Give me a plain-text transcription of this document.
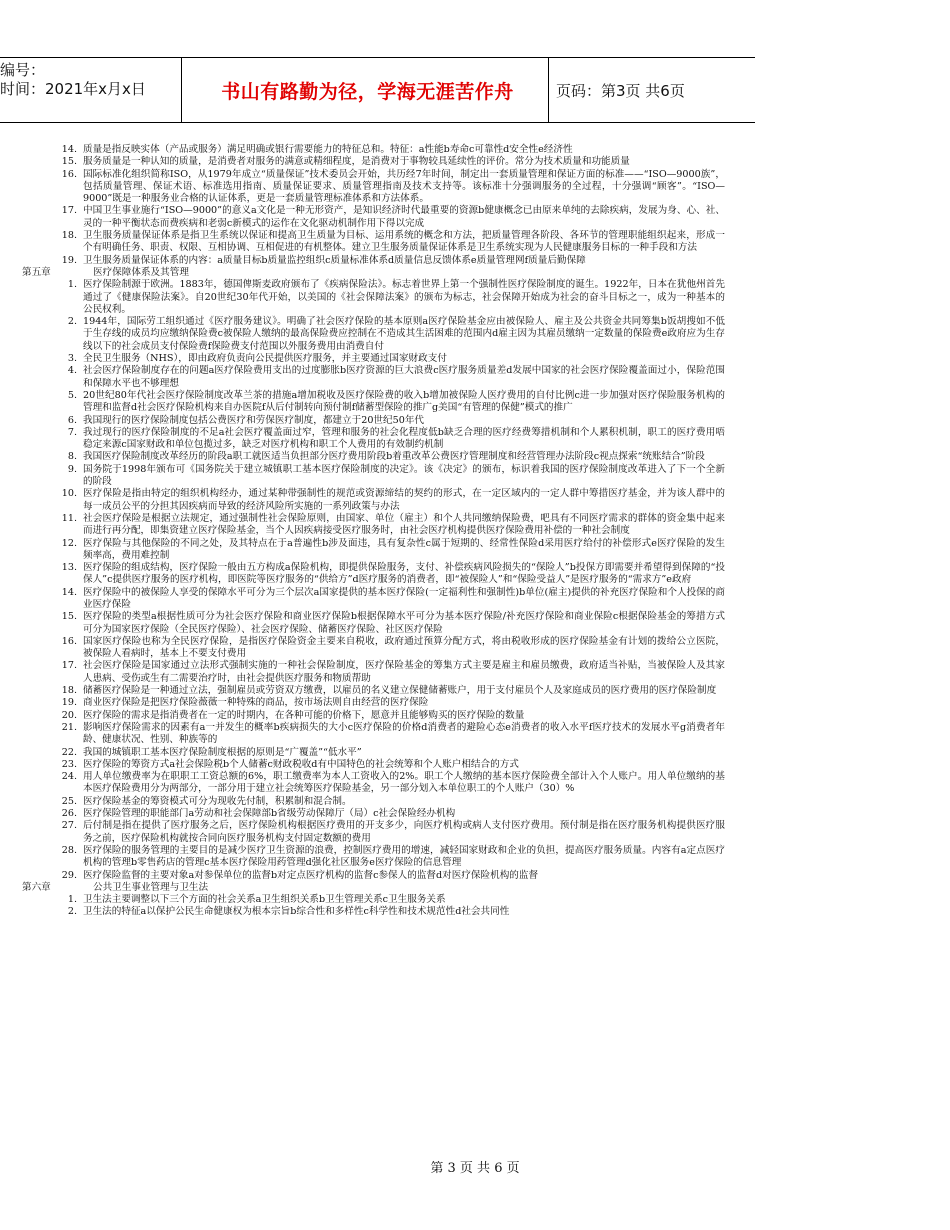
编号：
时间：2021年x月x日	书山有路勤为径，学海无涯苦作舟	页码：第3页 共6页
14. 质量是指反映实体（产品或服务）满足明确或银行需要能力的特征总和。特征：a性能b寿命c可靠性d安全性e经济性
15. 服务质量是一种认知的质量，是消费者对服务的满意或精细程度，是消费对于事物较具延续性的评价。常分为技术质量和功能质量
16. 国际标准化组织简称ISO，从1979年成立“质量保证”技术委员会开始，共历经7年时间，制定出一套质量管理和保证方面的标准——“ISO—9000族”，包括质量管理、保证术语、标准选用指南、质量保证要求、质量管理指南及技术支持等。该标准十分强调服务的全过程，十分强调“顾客”。“ISO—9000”既是一种服务业合格的认证体系，更是一套质量管理标准体系和方法体系。
17. 中国卫生事业施行“ISO—9000”的意义a文化是一种无形资产，是知识经济时代最重要的资源b健康概念已由原来单纯的去除疾病，发展为身、心、社、灵的一种平衡状态而费疾病和老弱c新模式的运作在文化驱动机制作用下得以完成
18. 卫生服务质量保证体系是指卫生系统以保证和提高卫生质量为目标、运用系统的概念和方法，把质量管理各阶段、各环节的管理职能组织起来，形成一个有明确任务、职责、权限、互相协调、互相促进的有机整体。建立卫生服务质量保证体系是卫生系统实现为人民健康服务目标的一种手段和方法
19. 卫生服务质量保证体系的内容：a质量目标b质量监控组织c质量标准体系d质量信息反馈体系e质量管理网f质量后勤保障
第五章	医疗保障体系及其管理
1. 医疗保险制源于欧洲。1883年，德国俾斯麦政府颁布了《疾病保险法》。标志着世界上第一个强制性医疗保险制度的诞生。1922年，日本在犹他州首先通过了《健康保险法案》。自20世纪30年代开始，以美国的《社会保障法案》的颁布为标志，社会保障开始成为社会的奋斗目标之一，成为一种基本的公民权利。
2. 1944年，国际劳工组织通过《医疗服务建议》。明确了社会医疗保险的基本原则a医疗保险基金应由被保险人、雇主及公共资金共同筹集b饭胡搜如不低于生存线的成员均应缴纳保险费c被保险人缴纳的最高保险费应控制在不造成其生活困难的范围内d雇主因为其雇员缴纳一定数量的保险费e政府应为生存线以下的社会成员支付保险费f保险费支付范围以外服务费用由消费自付
3. 全民卫生服务（NHS），即由政府负责向公民提供医疗服务，并主要通过国家财政支付
4. 社会医疗保险制度存在的问题a医疗保险费用支出的过度膨胀b医疗资源的巨大浪费c医疗服务质量差d发展中国家的社会医疗保险覆盖面过小，保险范围和保障水平也不够理想
5. 20世纪80年代社会医疗保险制度改革兰茶的措施a增加税收及医疗保险费的收入b增加被保险人医疗费用的自付比例c进一步加强对医疗保险服务机构的管理和监督d社会医疗保险机构来自办医院f从后付制转向预付制f储蓄型保险的推广g美国“有管理的保健”模式的推广
6. 我国现行的医疗保险制度包括公费医疗和劳保医疗制度，都建立于20世纪50年代
7. 我过现行的医疗保险制度的不足a社会医疗覆盖面过窄，管理和服务的社会化程度低b缺乏合理的医疗经费筹措机制和个人累积机制，职工的医疗费用唔稳定来源c国家财政和单位包揽过多，缺乏对医疗机构和职工个人费用的有效制约机制
8. 我国医疗保险制度改革经历的阶段a职工就医适当负担部分医疗费用阶段b着重改革公费医疗管理制度和经营管理办法阶段c视点探索“统账结合”阶段
9. 国务院于1998年颁布可《国务院关于建立城镇职工基本医疗保险制度的决定》。该《决定》的颁布，标识着我国的医疗保险制度改革进入了下一个全新的阶段
10. 医疗保险是指由特定的组织机构经办，通过某种带强制性的规范或资源缔结的契约的形式，在一定区域内的一定人群中筹措医疗基金，并为该人群中的每一成员公平的分担其因疾病而导致的经济风险所实施的一系列政策与办法
11. 社会医疗保险是根据立法规定，通过强制性社会保险原则，由国家、单位（雇主）和个人共同缴纳保险费，吧具有不同医疗需求的群体的资金集中起来而进行再分配，即集资建立医疗保险基金，当个人因疾病接受医疗服务时，由社会医疗机构提供医疗保险费用补偿的一种社会制度
12. 医疗保险与其他保险的不同之处，及其特点在于a普遍性b涉及面违，具有复杂性c属于短期的、经常性保险d采用医疗给付的补偿形式e医疗保险的发生频率高，费用难控制
13. 医疗保险的组成结构，医疗保险一般由五方构成a保险机构，即提供保险服务，支付、补偿疾病风险损失的“保险人”b投保方即需要并希望得到保障的“投保人”c提供医疗服务的医疗机构，即医院等医疗服务的“供给方”d医疗服务的消费者，即“被保险人”和“保险受益人”是医疗服务的“需求方”e政府
14. 医疗保险中的被保险人享受的保障水平可分为三个层次a国家提供的基本医疗保险(一定福利性和强制性)b单位(雇主)提供的补充医疗保险和个人投保的商业医疗保险
15. 医疗保险的类型a根据性质可分为社会医疗保险和商业医疗保险b根据保障水平可分为基本医疗保险/补充医疗保险和商业保险c根据保险基金的筹措方式可分为国家医疗保险（全民医疗保险）、社会医疗保险、储蓄医疗保险、社区医疗保险
16. 国家医疗保险也称为全民医疗保险，是指医疗保险资金主要来自税收，政府通过预算分配方式，将由税收形成的医疗保险基金有计划的拨给公立医院，被保险人看病时，基本上不要支付费用
17. 社会医疗保险是国家通过立法形式强制实施的一种社会保险制度，医疗保险基金的筹集方式主要是雇主和雇员缴费，政府适当补贴，当被保险人及其家人患病、受伤或生有二需要治疗时，由社会提供医疗服务和物质帮助
18. 储蓄医疗保险是一种通过立法，强制雇员或劳资双方缴费，以雇员的名义建立保健储蓄账户，用于支付雇员个人及家庭成员的医疗费用的医疗保险制度
19. 商业医疗保险是把医疗保险薇薇一种特殊的商品，按市场法则自由经营的医疗保险
20. 医疗保险的需求是指消费者在一定的时期内，在各种可能的价格下，愿意并且能够购买的医疗保险的数量
21. 影响医疗保险需求的因素有a一并发生的概率b疾病损失的大小c医疗保险的价格d消费者的避险心态e消费者的收入水平f医疗技术的发展水平g消费者年龄、健康状况、性别、种族等的
22. 我国的城镇职工基本医疗保险制度根据的原则是“广覆盖”“低水平”
23. 医疗保险的筹资方式a社会保险税b个人储蓄c财政税收d有中国特色的社会统筹和个人账户相结合的方式
24. 用人单位缴费率为在职职工工资总额的6%，职工缴费率为本人工资收入的2%。职工个人缴纳的基本医疗保险费全部计入个人账户。用人单位缴纳的基本医疗保险费用分为两部分，一部分用于建立社会统筹医疗保险基金，另一部分划入本单位职工的个人账户（30）%
25. 医疗保险基金的筹资模式可分为现收先付制，积累制和混合制。
26. 医疗保险管理的职能部门a劳动和社会保障部b省级劳动保障厅（局）c社会保险经办机构
27. 后付制是指在提供了医疗服务之后，医疗保险机构根据医疗费用的开支多少，向医疗机构或病人支付医疗费用。预付制是指在医疗服务机构提供医疗服务之前，医疗保险机构就按合同向医疗服务机构支付固定数额的费用
28. 医疗保险的服务管理的主要目的是减少医疗卫生资源的浪费，控制医疗费用的增速，减轻国家财政和企业的负担，提高医疗服务质量。内容有a定点医疗机构的管理b零售药店的管理c基本医疗保险用药管理d强化社区服务e医疗保险的信息管理
29. 医疗保险监督的主要对象a对参保单位的监督b对定点医疗机构的监督c参保人的监督d对医疗保险机构的监督
第六章	公共卫生事业管理与卫生法
1. 卫生法主要调整以下三个方面的社会关系a卫生组织关系b卫生管理关系c卫生服务关系
2. 卫生法的特征a以保护公民生命健康权为根本宗旨b综合性和多样性c科学性和技术规范性d社会共同性
第 3 页 共 6 页
